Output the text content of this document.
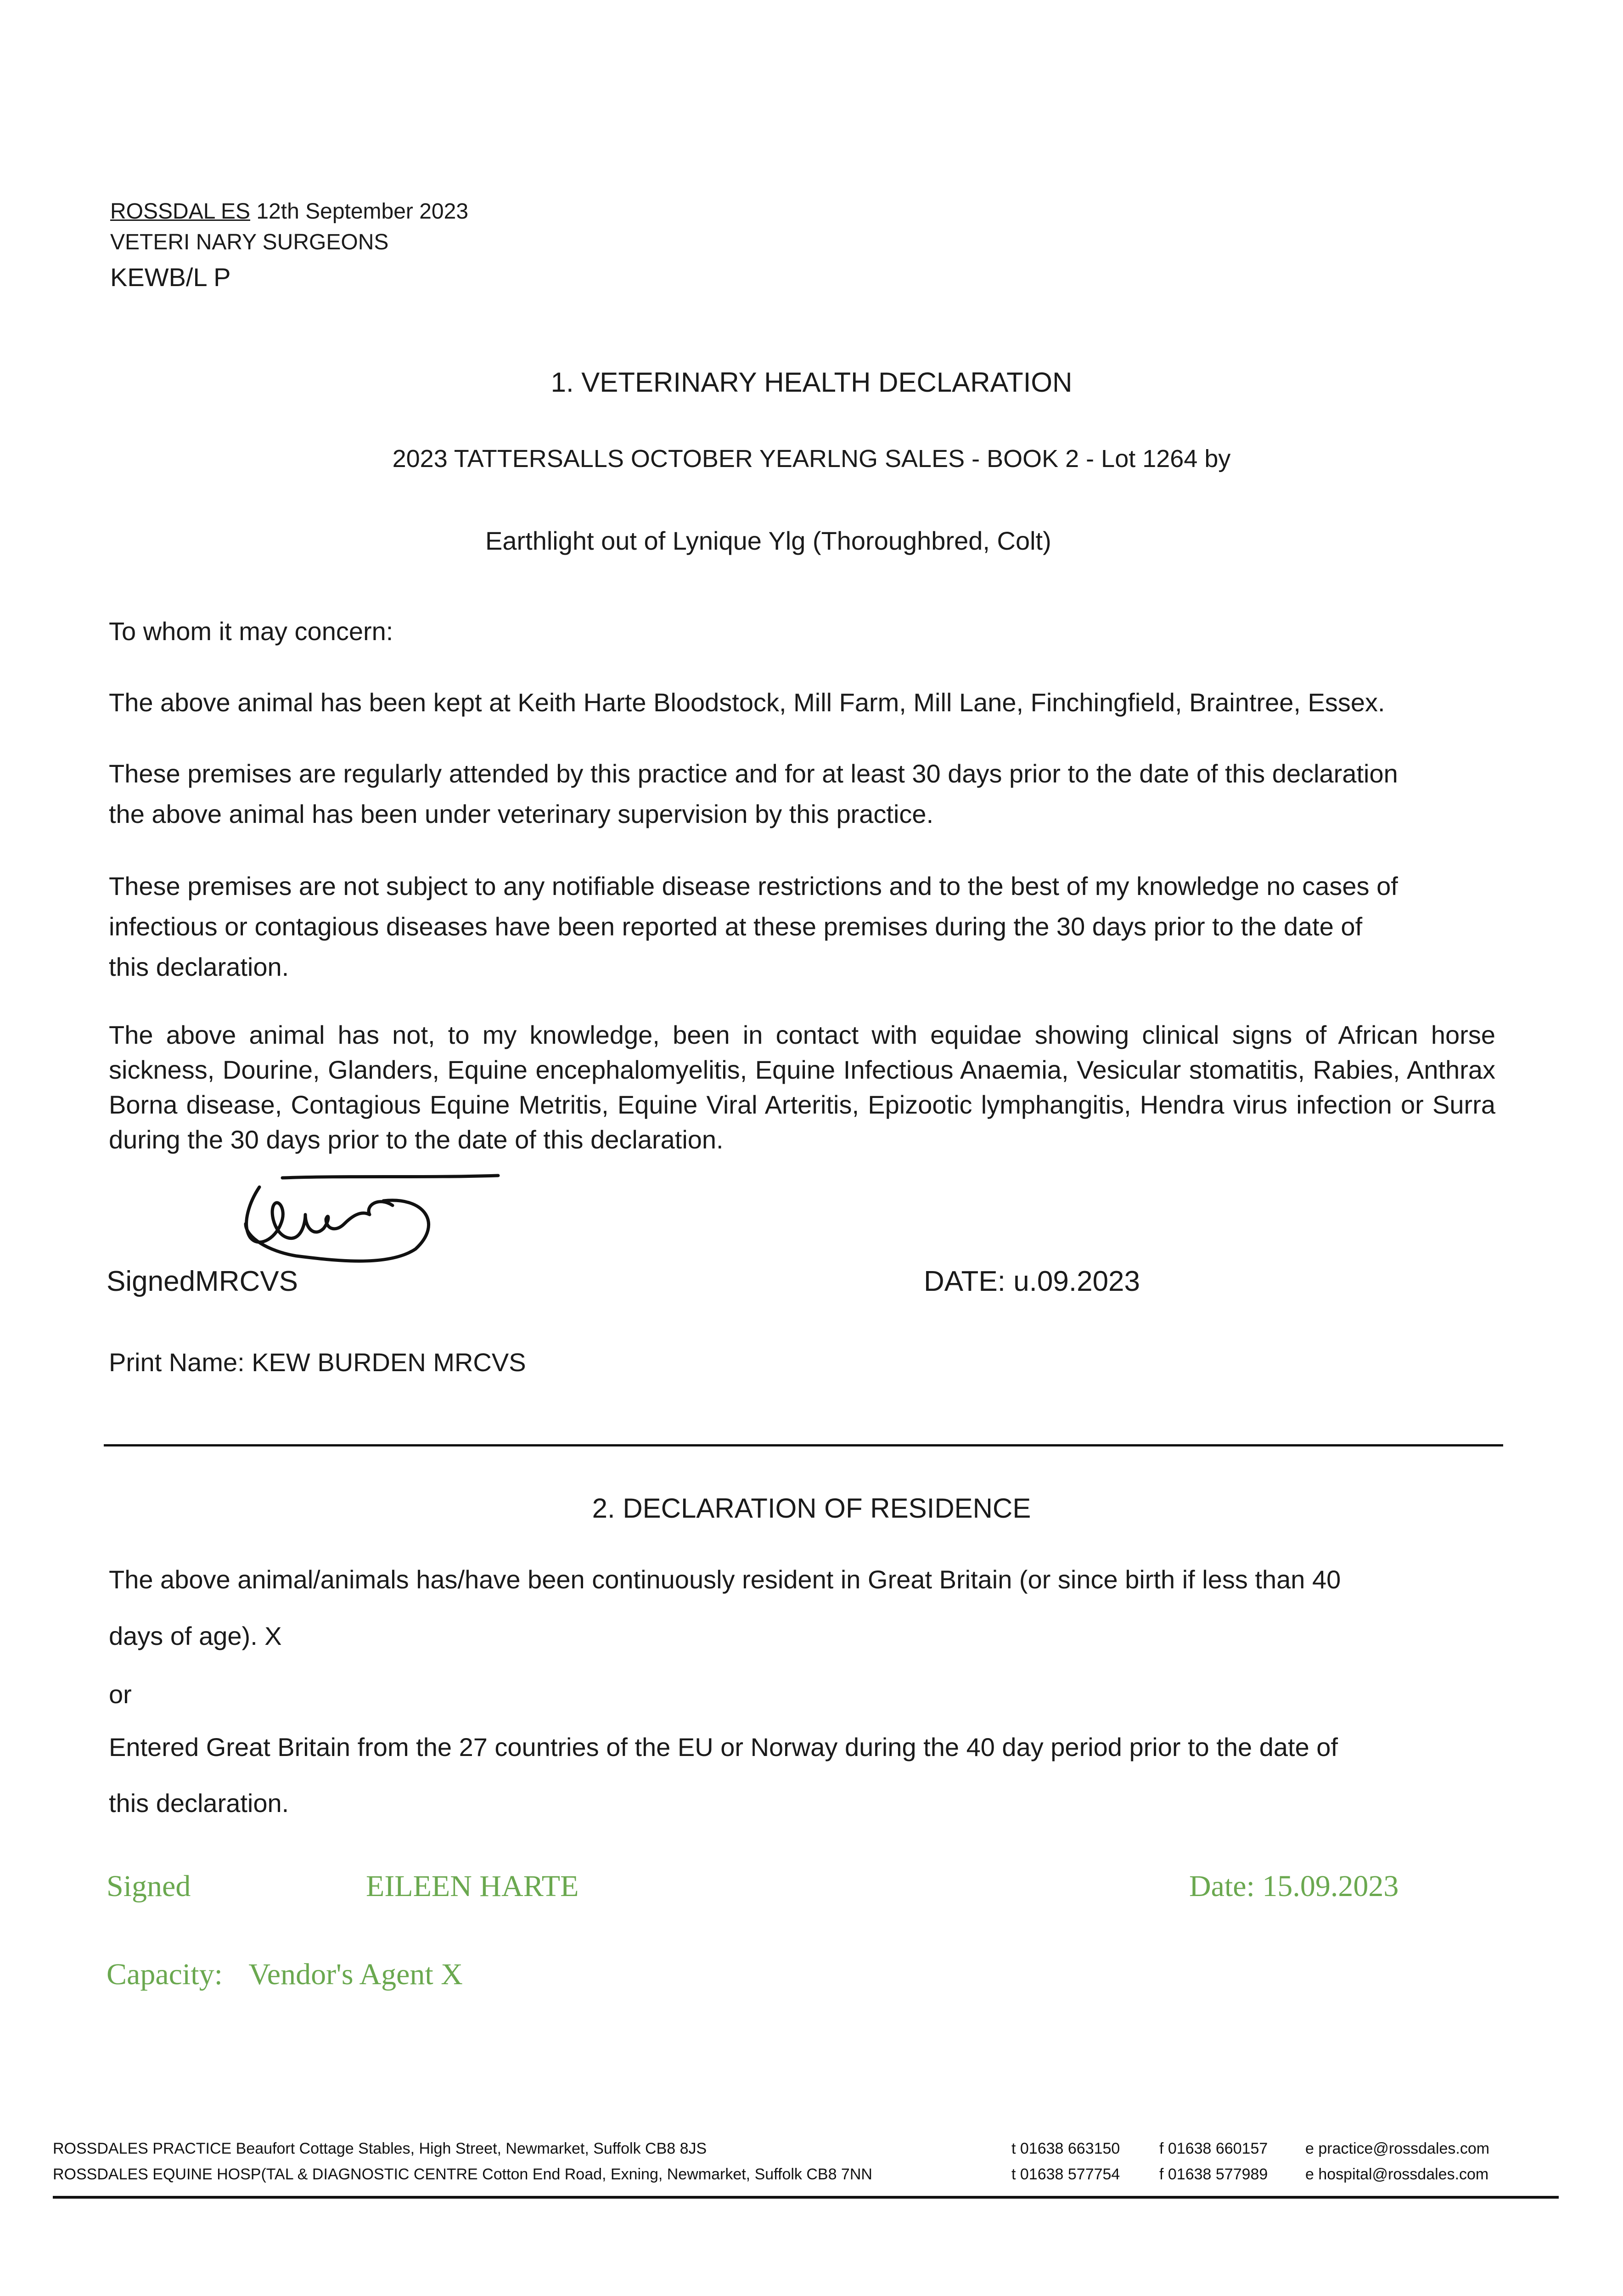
ROSSDAL ES 12th September 2023
VETERI NARY SURGEONS
KEWB/L P
1. VETERINARY HEALTH DECLARATION
2023 TATTERSALLS OCTOBER YEARLNG SALES - BOOK 2 - Lot 1264 by
Earthlight out of Lynique Ylg (Thoroughbred, Colt)
To whom it may concern:
The above animal has been kept at Keith Harte Bloodstock, Mill Farm, Mill Lane, Finchingfield, Braintree, Essex.
These premises are regularly attended by this practice and for at least 30 days prior to the date of this declaration
the above animal has been under veterinary supervision by this practice.
These premises are not subject to any notifiable disease restrictions and to the best of my knowledge no cases of
infectious or contagious diseases have been reported at these premises during the 30 days prior to the date of
this declaration.
The above animal has not, to my knowledge, been in contact with equidae showing clinical signs of African horse sickness, Dourine, Glanders, Equine encephalomyelitis, Equine Infectious Anaemia, Vesicular stomatitis, Rabies, Anthrax Borna disease, Contagious Equine Metritis, Equine Viral Arteritis, Epizootic lymphangitis, Hendra virus infection or Surra during the 30 days prior to the date of this declaration.
SignedMRCVS	DATE: u.09.2023
Print Name: KEW BURDEN MRCVS
2. DECLARATION OF RESIDENCE
The above animal/animals has/have been continuously resident in Great Britain (or since birth if less than 40
days of age). X
or
Entered Great Britain from the 27 countries of the EU or Norway during the 40 day period prior to the date of
this declaration.
Signed	EILEEN HARTE	Date: 15.09.2023
Capacity: Vendor's Agent X
ROSSDALES PRACTICE Beaufort Cottage Stables, High Street, Newmarket, Suffolk CB8 8JS	t 01638 663150	f 01638 660157 e practice@rossdales.com
ROSSDALES EQUINE HOSP(TAL & DIAGNOSTIC CENTRE Cotton End Road, Exning, Newmarket, Suffolk CB8 7NN	t 01638 577754	f 01638 577989 e hospital@rossdales.com
